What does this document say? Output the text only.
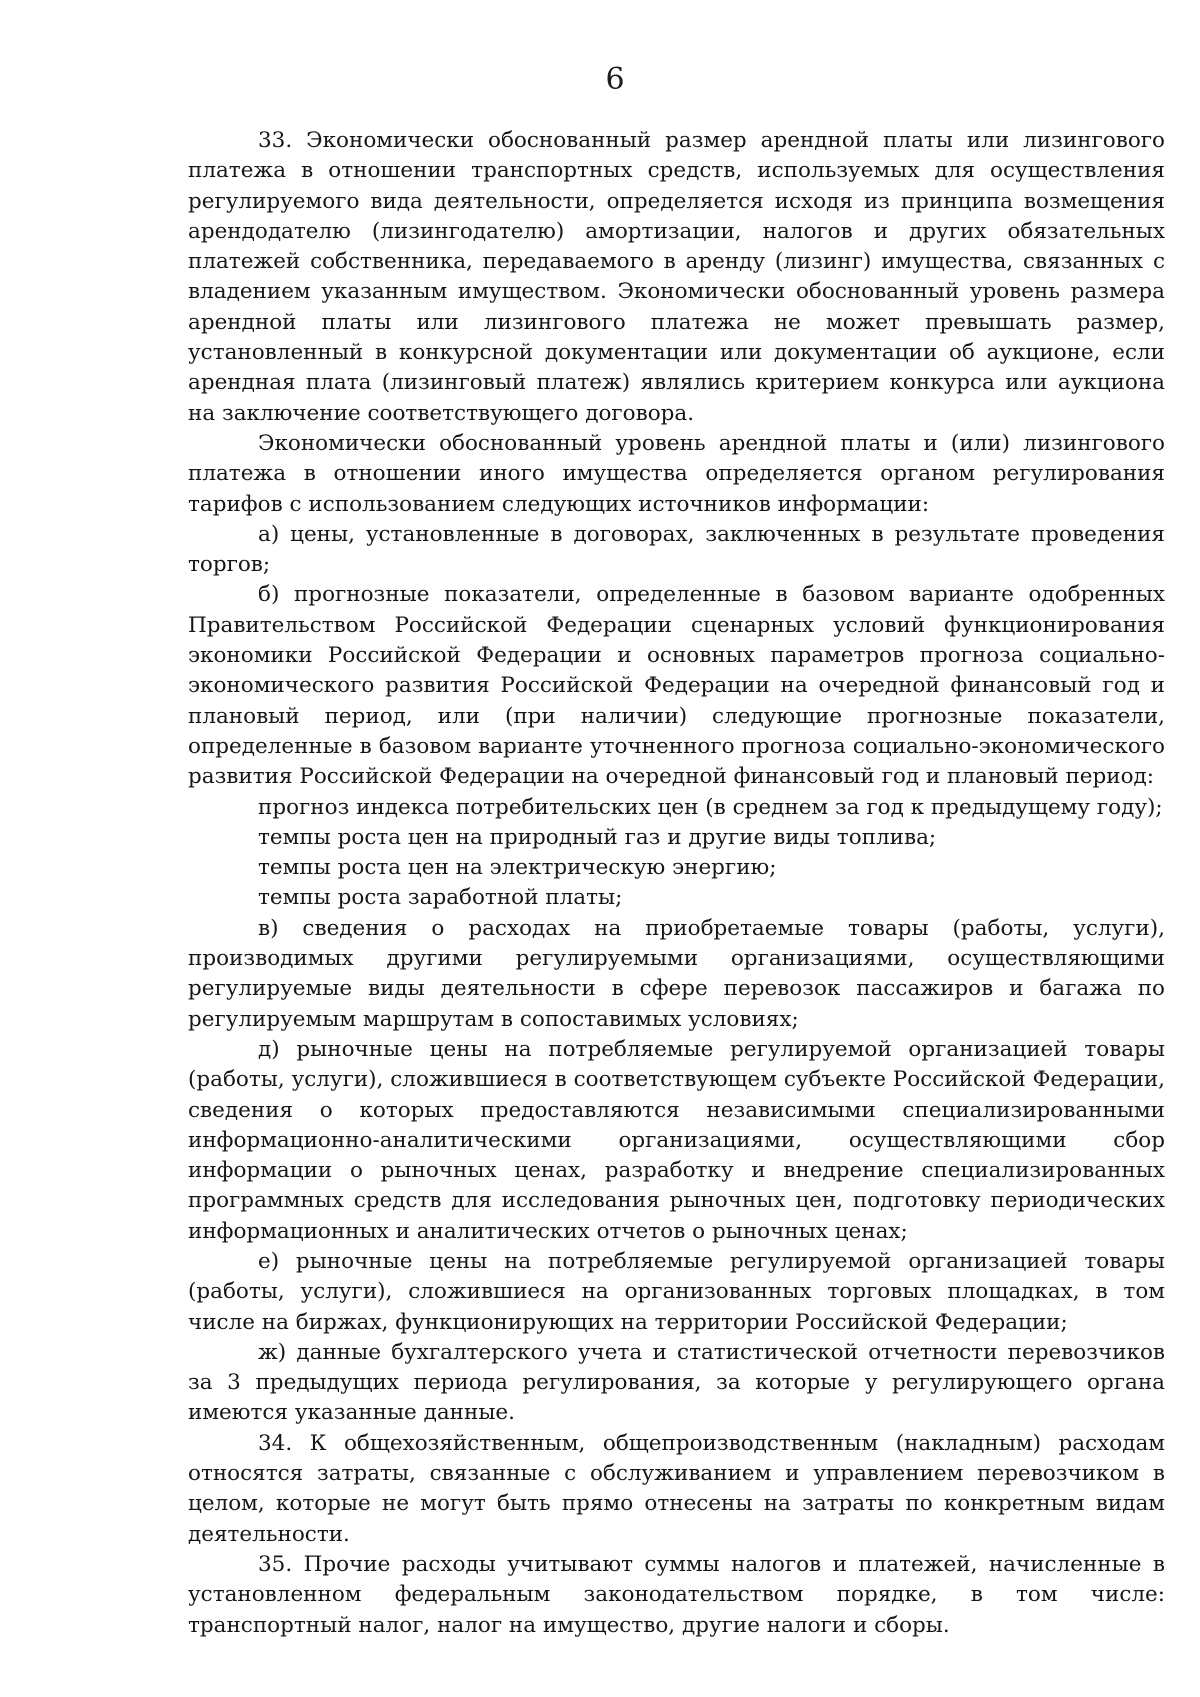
6

33. Экономически обоснованный размер арендной платы или лизингового платежа в отношении транспортных средств, используемых для осуществления регулируемого вида деятельности, определяется исходя из принципа возмещения арендодателю (лизингодателю) амортизации, налогов и других обязательных платежей собственника, передаваемого в аренду (лизинг) имущества, связанных с владением указанным имуществом. Экономически обоснованный уровень размера арендной платы или лизингового платежа не может превышать размер, установленный в конкурсной документации или документации об аукционе, если арендная плата (лизинговый платеж) являлись критерием конкурса или аукциона на заключение соответствующего договора.

Экономически обоснованный уровень арендной платы и (или) лизингового платежа в отношении иного имущества определяется органом регулирования тарифов с использованием следующих источников информации:

а) цены, установленные в договорах, заключенных в результате проведения торгов;

б) прогнозные показатели, определенные в базовом варианте одобренных Правительством Российской Федерации сценарных условий функционирования экономики Российской Федерации и основных параметров прогноза социально-экономического развития Российской Федерации на очередной финансовый год и плановый период, или (при наличии) следующие прогнозные показатели, определенные в базовом варианте уточненного прогноза социально-экономического развития Российской Федерации на очередной финансовый год и плановый период:

прогноз индекса потребительских цен (в среднем за год к предыдущему году);

темпы роста цен на природный газ и другие виды топлива;

темпы роста цен на электрическую энергию;

темпы роста заработной платы;

в) сведения о расходах на приобретаемые товары (работы, услуги), производимых другими регулируемыми организациями, осуществляющими регулируемые виды деятельности в сфере перевозок пассажиров и багажа по регулируемым маршрутам в сопоставимых условиях;

д) рыночные цены на потребляемые регулируемой организацией товары (работы, услуги), сложившиеся в соответствующем субъекте Российской Федерации, сведения о которых предоставляются независимыми специализированными информационно-аналитическими организациями, осуществляющими сбор информации о рыночных ценах, разработку и внедрение специализированных программных средств для исследования рыночных цен, подготовку периодических информационных и аналитических отчетов о рыночных ценах;

е) рыночные цены на потребляемые регулируемой организацией товары (работы, услуги), сложившиеся на организованных торговых площадках, в том числе на биржах, функционирующих на территории Российской Федерации;

ж) данные бухгалтерского учета и статистической отчетности перевозчиков за 3 предыдущих периода регулирования, за которые у регулирующего органа имеются указанные данные.

34. К общехозяйственным, общепроизводственным (накладным) расходам относятся затраты, связанные с обслуживанием и управлением перевозчиком в целом, которые не могут быть прямо отнесены на затраты по конкретным видам деятельности.

35. Прочие расходы учитывают суммы налогов и платежей, начисленные в установленном федеральным законодательством порядке, в том числе: транспортный налог, налог на имущество, другие налоги и сборы.
